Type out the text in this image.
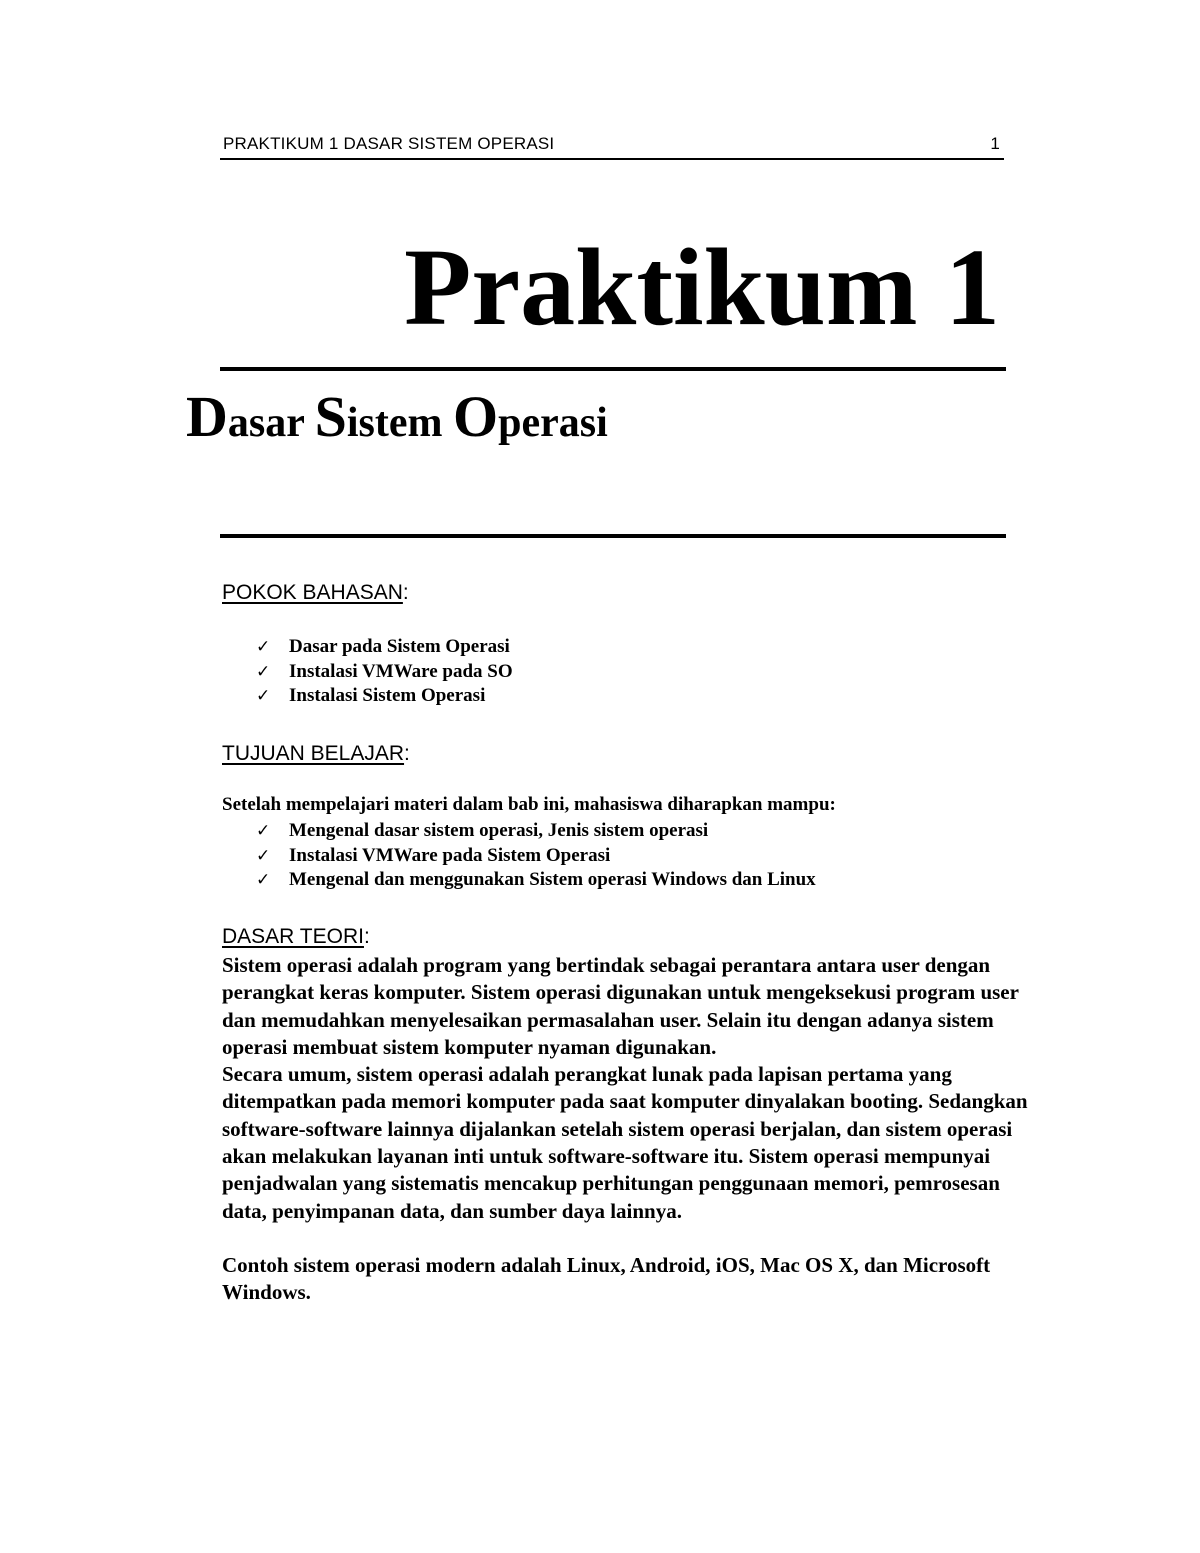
PRAKTIKUM 1 DASAR SISTEM OPERASI	1
Praktikum 1
Dasar Sistem Operasi
POKOK BAHASAN:
✓ Dasar pada Sistem Operasi
✓ Instalasi VMWare pada SO
✓ Instalasi Sistem Operasi
TUJUAN BELAJAR:
Setelah mempelajari materi dalam bab ini, mahasiswa diharapkan mampu:
✓ Mengenal dasar sistem operasi, Jenis sistem operasi
✓ Instalasi VMWare pada Sistem Operasi
✓ Mengenal dan menggunakan Sistem operasi Windows dan Linux
DASAR TEORI:

Sistem operasi adalah program yang bertindak sebagai perantara antara user dengan perangkat keras komputer. Sistem operasi digunakan untuk mengeksekusi program user dan memudahkan menyelesaikan permasalahan user. Selain itu dengan adanya sistem operasi membuat sistem komputer nyaman digunakan.

Secara umum, sistem operasi adalah perangkat lunak pada lapisan pertama yang ditempatkan pada memori komputer pada saat komputer dinyalakan booting. Sedangkan software-software lainnya dijalankan setelah sistem operasi berjalan, dan sistem operasi akan melakukan layanan inti untuk software-software itu. Sistem operasi mempunyai penjadwalan yang sistematis mencakup perhitungan penggunaan memori, pemrosesan data, penyimpanan data, dan sumber daya lainnya.

Contoh sistem operasi modern adalah Linux, Android, iOS, Mac OS X, dan Microsoft Windows.
